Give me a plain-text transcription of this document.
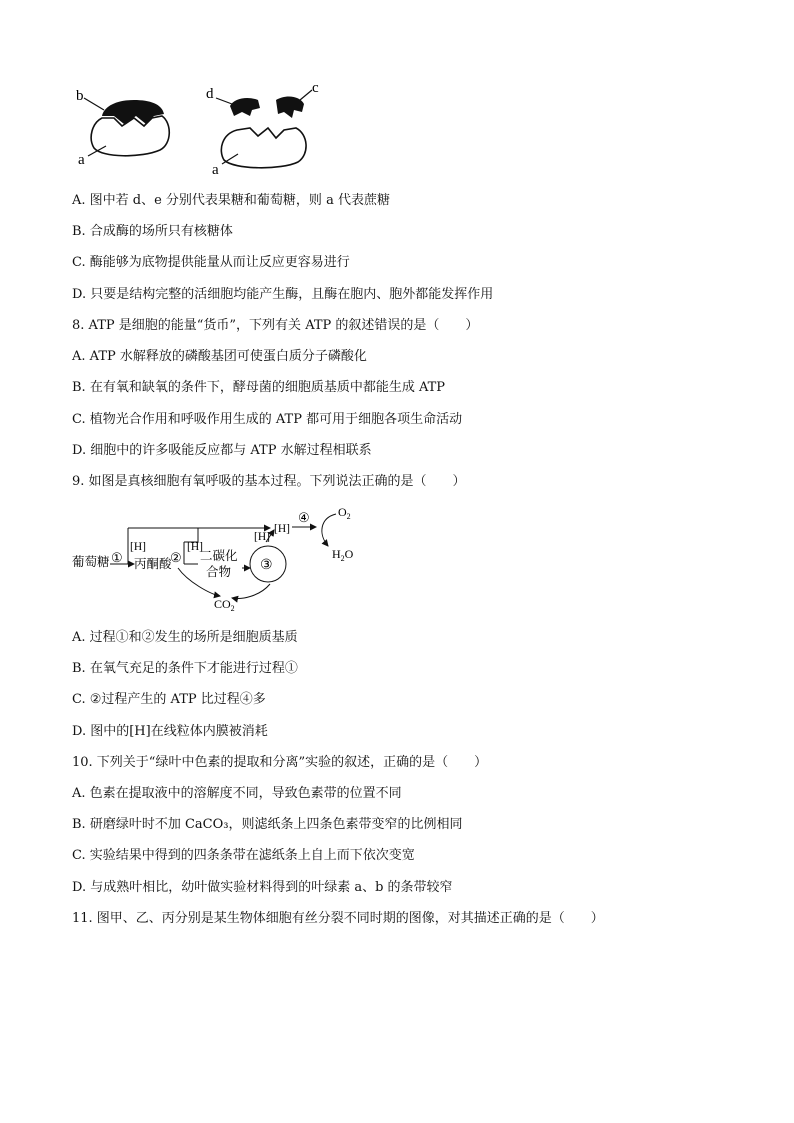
b
a
d	c
a
A. 图中若 d、e 分别代表果糖和葡萄糖，则 a 代表蔗糖
B. 合成酶的场所只有核糖体
C. 酶能够为底物提供能量从而让反应更容易进行
D. 只要是结构完整的活细胞均能产生酶，且酶在胞内、胞外都能发挥作用
8. ATP 是细胞的能量“货币”，下列有关 ATP 的叙述错误的是（　　）
A. ATP 水解释放的磷酸基团可使蛋白质分子磷酸化
B. 在有氧和缺氧的条件下，酵母菌的细胞质基质中都能生成 ATP
C. 植物光合作用和呼吸作用生成的 ATP 都可用于细胞各项生命活动
D. 细胞中的许多吸能反应都与 ATP 水解过程相联系
9. 如图是真核细胞有氧呼吸的基本过程。下列说法正确的是（　　）
葡萄糖 ① 丙酮酸
[H]
②
[H]
二碳化
合物 ③
[H]
$CO_2$
[H]
④ $O_2$
$H_2O$
A. 过程①和②发生的场所是细胞质基质
B. 在氧气充足的条件下才能进行过程①
C. ②过程产生的 ATP 比过程④多
D. 图中的[H]在线粒体内膜被消耗
10. 下列关于“绿叶中色素的提取和分离”实验的叙述，正确的是（　　）
A. 色素在提取液中的溶解度不同，导致色素带的位置不同
B. 研磨绿叶时不加 CaCO₃，则滤纸条上四条色素带变窄的比例相同
C. 实验结果中得到的四条条带在滤纸条上自上而下依次变宽
D. 与成熟叶相比，幼叶做实验材料得到的叶绿素 a、b 的条带较窄
11. 图甲、乙、丙分别是某生物体细胞有丝分裂不同时期的图像，对其描述正确的是（　　）
